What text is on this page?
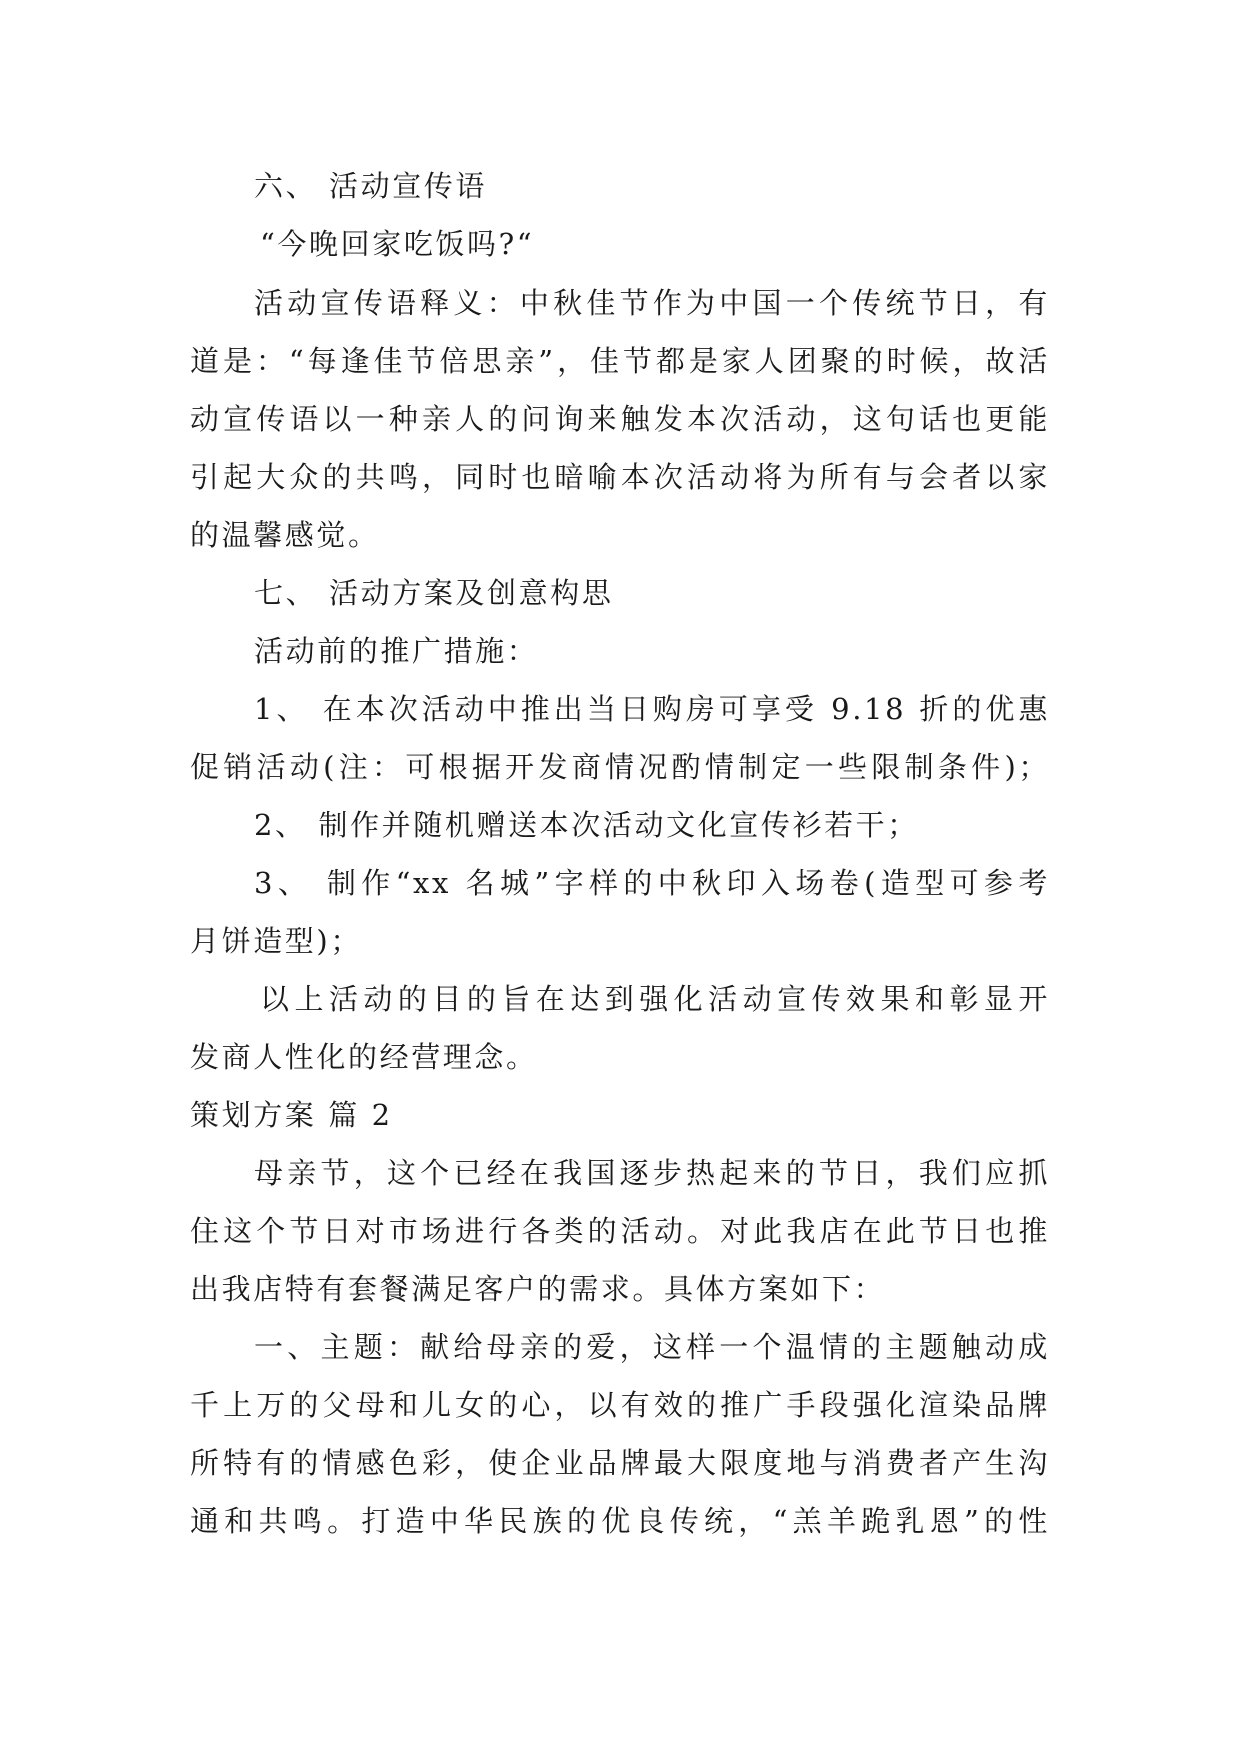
六、 活动宣传语
“今晚回家吃饭吗?“
活动宣传语释义：中秋佳节作为中国一个传统节日，有
道是：“每逢佳节倍思亲”，佳节都是家人团聚的时候，故活
动宣传语以一种亲人的问询来触发本次活动，这句话也更能
引起大众的共鸣，同时也暗喻本次活动将为所有与会者以家
的温馨感觉。
七、 活动方案及创意构思
活动前的推广措施：
1、 在本次活动中推出当日购房可享受 9.18 折的优惠
促销活动(注：可根据开发商情况酌情制定一些限制条件)；
2、 制作并随机赠送本次活动文化宣传衫若干；
3、 制作“xx 名城”字样的中秋印入场卷(造型可参考
月饼造型)；
以上活动的目的旨在达到强化活动宣传效果和彰显开
发商人性化的经营理念。
策划方案 篇 2
母亲节，这个已经在我国逐步热起来的节日，我们应抓
住这个节日对市场进行各类的活动。对此我店在此节日也推
出我店特有套餐满足客户的需求。具体方案如下：
一、主题：献给母亲的爱，这样一个温情的主题触动成
千上万的父母和儿女的心，以有效的推广手段强化渲染品牌
所特有的情感色彩，使企业品牌最大限度地与消费者产生沟
通和共鸣。打造中华民族的优良传统，“羔羊跪乳恩”的性
